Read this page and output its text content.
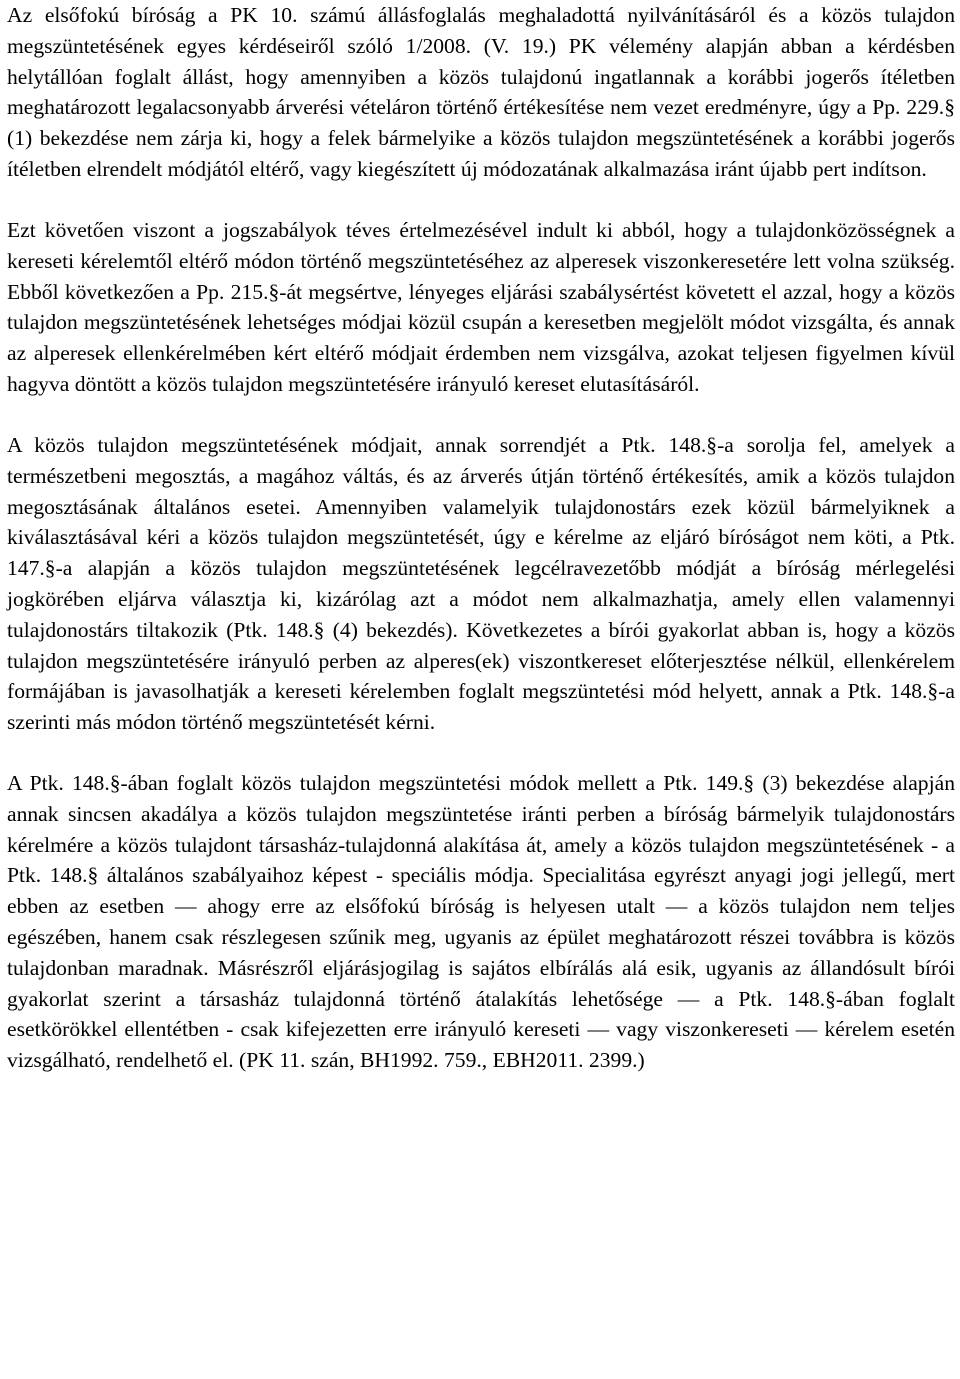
Az elsőfokú bíróság a PK 10. számú állásfoglalás meghaladottá nyilvánításáról és a közös tulajdon megszüntetésének egyes kérdéseiről szóló 1/2008. (V. 19.) PK vélemény alapján abban a kérdésben helytállóan foglalt állást, hogy amennyiben a közös tulajdonú ingatlannak a korábbi jogerős ítéletben meghatározott legalacsonyabb árverési vételáron történő értékesítése nem vezet eredményre, úgy a Pp. 229.§ (1) bekezdése nem zárja ki, hogy a felek bármelyike a közös tulajdon megszüntetésének a korábbi jogerős ítéletben elrendelt módjától eltérő, vagy kiegészített új módozatának alkalmazása iránt újabb pert indítson.

Ezt követően viszont a jogszabályok téves értelmezésével indult ki abból, hogy a tulajdonközösségnek a kereseti kérelemtől eltérő módon történő megszüntetéséhez az alperesek viszonkeresetére lett volna szükség. Ebből következően a Pp. 215.§-át megsértve, lényeges eljárási szabálysértést követett el azzal, hogy a közös tulajdon megszüntetésének lehetséges módjai közül csupán a keresetben megjelölt módot vizsgálta, és annak az alperesek ellenkérelmében kért eltérő módjait érdemben nem vizsgálva, azokat teljesen figyelmen kívül hagyva döntött a közös tulajdon megszüntetésére irányuló kereset elutasításáról.

A közös tulajdon megszüntetésének módjait, annak sorrendjét a Ptk. 148.§-a sorolja fel, amelyek a természetbeni megosztás, a magához váltás, és az árverés útján történő értékesítés, amik a közös tulajdon megosztásának általános esetei. Amennyiben valamelyik tulajdonostárs ezek közül bármelyiknek a kiválasztásával kéri a közös tulajdon megszüntetését, úgy e kérelme az eljáró bíróságot nem köti, a Ptk. 147.§-a alapján a közös tulajdon megszüntetésének legcélravezetőbb módját a bíróság mérlegelési jogkörében eljárva választja ki, kizárólag azt a módot nem alkalmazhatja, amely ellen valamennyi tulajdonostárs tiltakozik (Ptk. 148.§ (4) bekezdés). Következetes a bírói gyakorlat abban is, hogy a közös tulajdon megszüntetésére irányuló perben az alperes(ek) viszontkereset előterjesztése nélkül, ellenkérelem formájában is javasolhatják a kereseti kérelemben foglalt megszüntetési mód helyett, annak a Ptk. 148.§-a szerinti más módon történő megszüntetését kérni.

A Ptk. 148.§-ában foglalt közös tulajdon megszüntetési módok mellett a Ptk. 149.§ (3) bekezdése alapján annak sincsen akadálya a közös tulajdon megszüntetése iránti perben a bíróság bármelyik tulajdonostárs kérelmére a közös tulajdont társasház-tulajdonná alakítása át, amely a közös tulajdon megszüntetésének - a Ptk. 148.§ általános szabályaihoz képest - speciális módja. Specialitása egyrészt anyagi jogi jellegű, mert ebben az esetben — ahogy erre az elsőfokú bíróság is helyesen utalt — a közös tulajdon nem teljes egészében, hanem csak részlegesen szűnik meg, ugyanis az épület meghatározott részei továbbra is közös tulajdonban maradnak. Másrészről eljárásjogilag is sajátos elbírálás alá esik, ugyanis az állandósult bírói gyakorlat szerint a társasház tulajdonná történő átalakítás lehetősége — a Ptk. 148.§-ában foglalt esetkörökkel ellentétben - csak kifejezetten erre irányuló kereseti — vagy viszonkereseti — kérelem esetén vizsgálható, rendelhető el. (PK 11. szán, BH1992. 759., EBH2011. 2399.)
